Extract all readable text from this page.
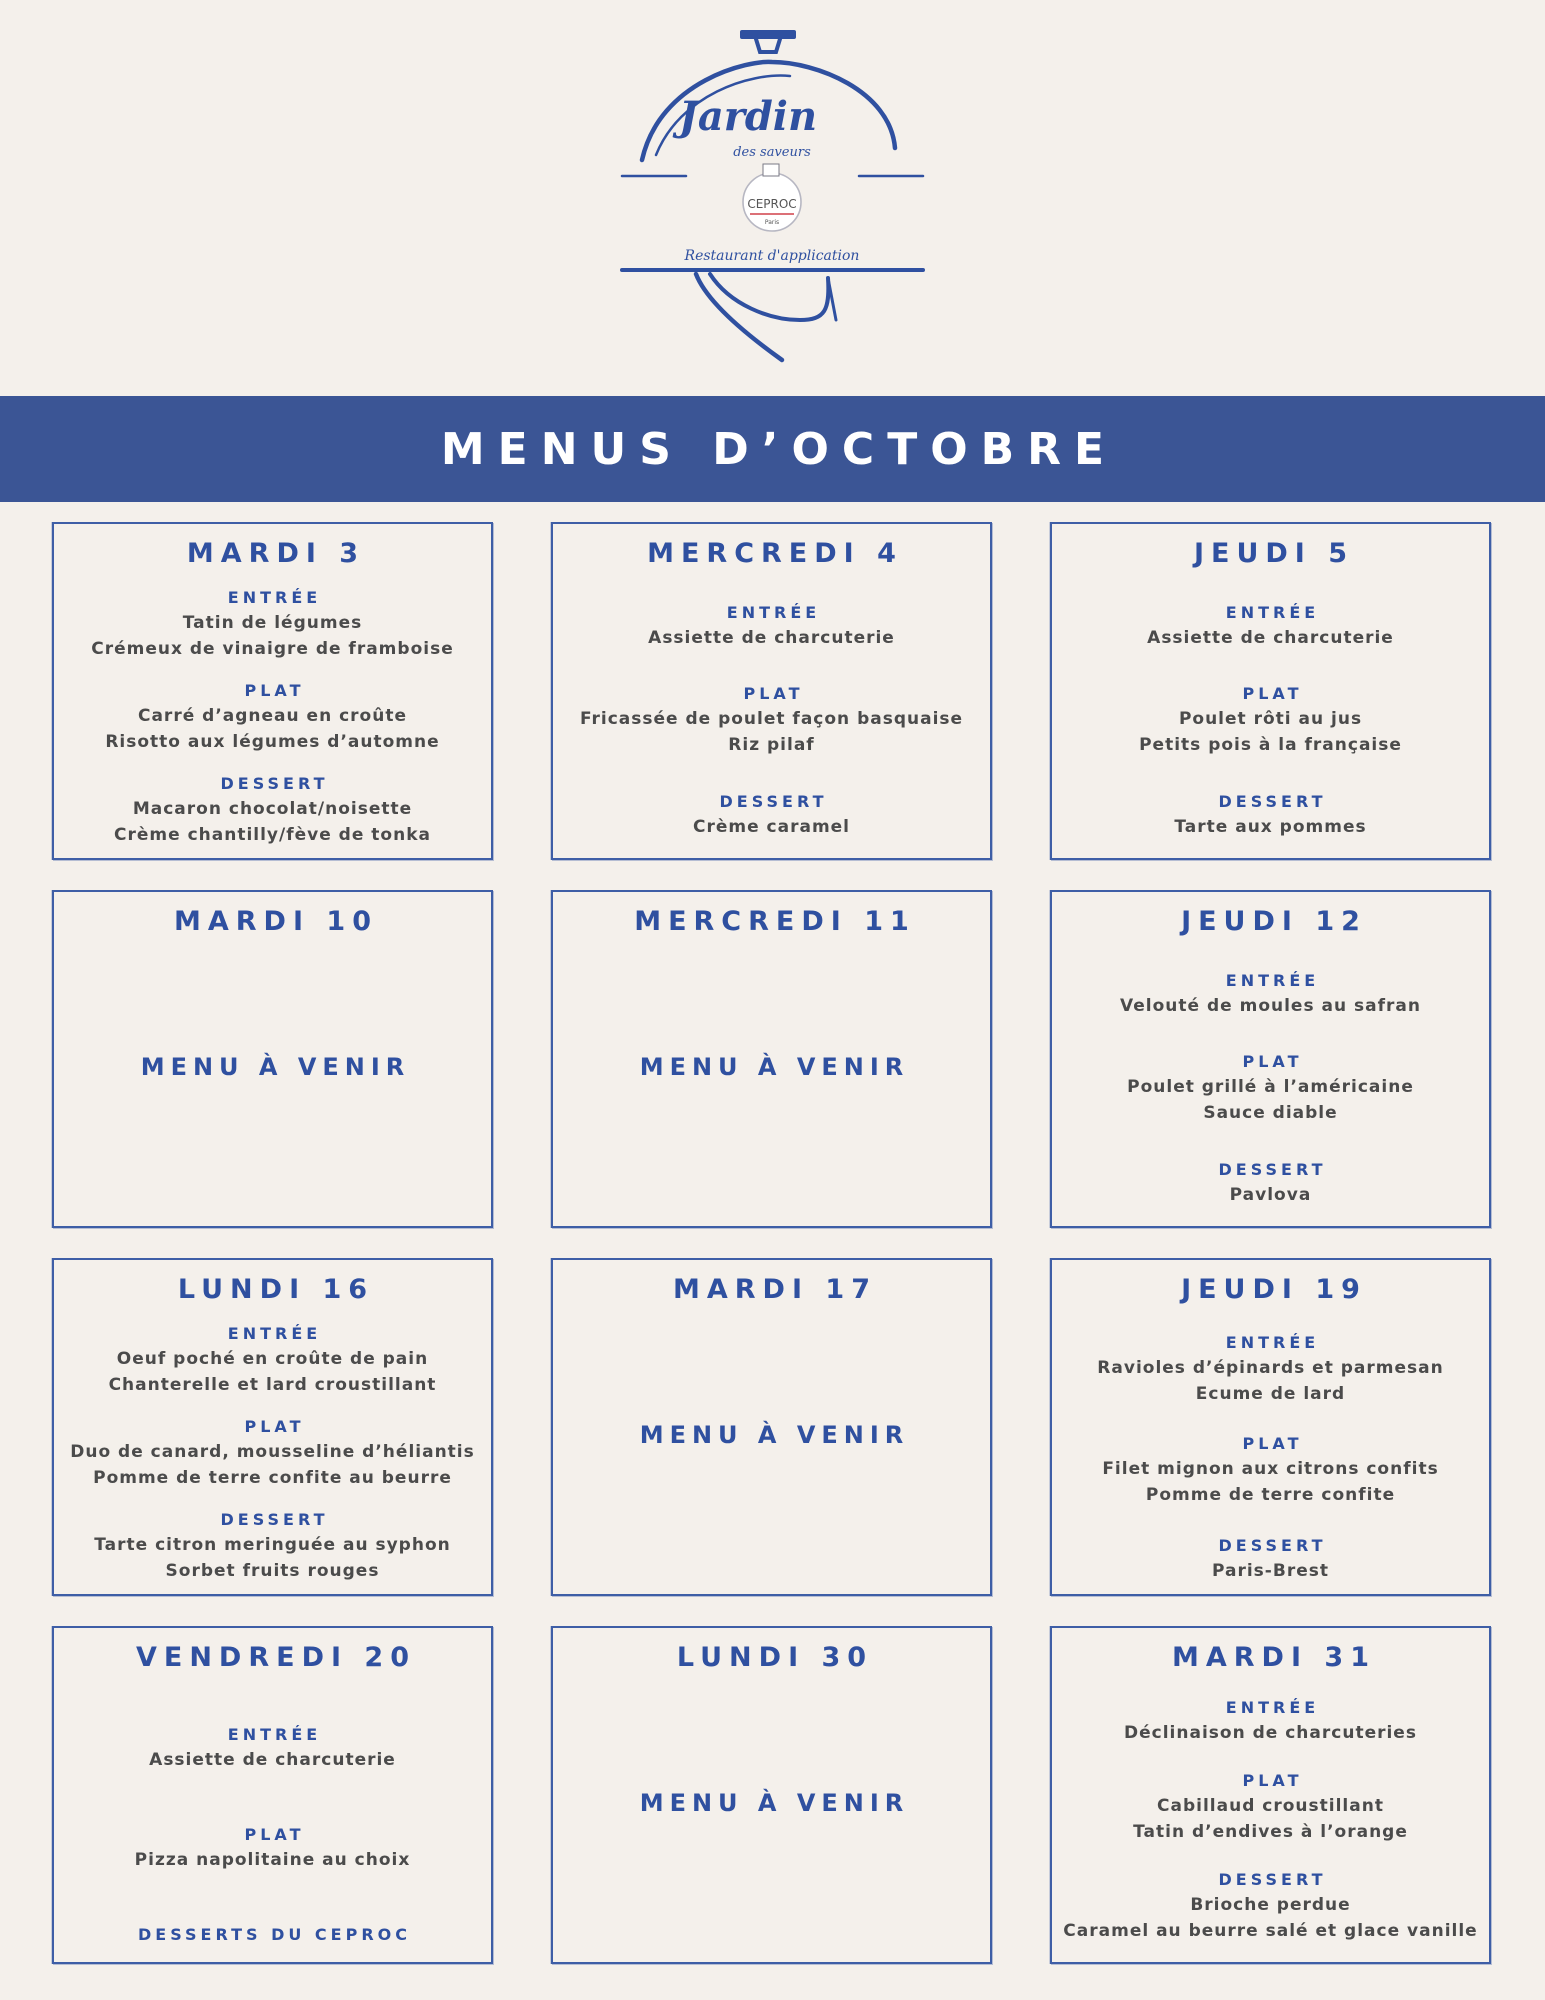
Jardin
des saveurs
CEPROC
Paris
Restaurant d'application
MENUS D’OCTOBRE
MARDI 3
ENTRÉE
Tatin de légumes
Crémeux de vinaigre de framboise
PLAT
Carré d’agneau en croûte
Risotto aux légumes d’automne
DESSERT
Macaron chocolat/noisette
Crème chantilly/fève de tonka
MERCREDI 4
ENTRÉE
Assiette de charcuterie
PLAT
Fricassée de poulet façon basquaise
Riz pilaf
DESSERT
Crème caramel
JEUDI 5
ENTRÉE
Assiette de charcuterie
PLAT
Poulet rôti au jus
Petits pois à la française
DESSERT
Tarte aux pommes
MARDI 10
MENU À VENIR
MERCREDI 11
MENU À VENIR
JEUDI 12
ENTRÉE
Velouté de moules au safran
PLAT
Poulet grillé à l’américaine
Sauce diable
DESSERT
Pavlova
LUNDI 16
ENTRÉE
Oeuf poché en croûte de pain
Chanterelle et lard croustillant
PLAT
Duo de canard, mousseline d’héliantis
Pomme de terre confite au beurre
DESSERT
Tarte citron meringuée au syphon
Sorbet fruits rouges
MARDI 17
MENU À VENIR
JEUDI 19
ENTRÉE
Ravioles d’épinards et parmesan
Ecume de lard
PLAT
Filet mignon aux citrons confits
Pomme de terre confite
DESSERT
Paris-Brest
VENDREDI 20
ENTRÉE
Assiette de charcuterie
PLAT
Pizza napolitaine au choix
DESSERTS DU CEPROC
LUNDI 30
MENU À VENIR
MARDI 31
ENTRÉE
Déclinaison de charcuteries
PLAT
Cabillaud croustillant
Tatin d’endives à l’orange
DESSERT
Brioche perdue
Caramel au beurre salé et glace vanille
